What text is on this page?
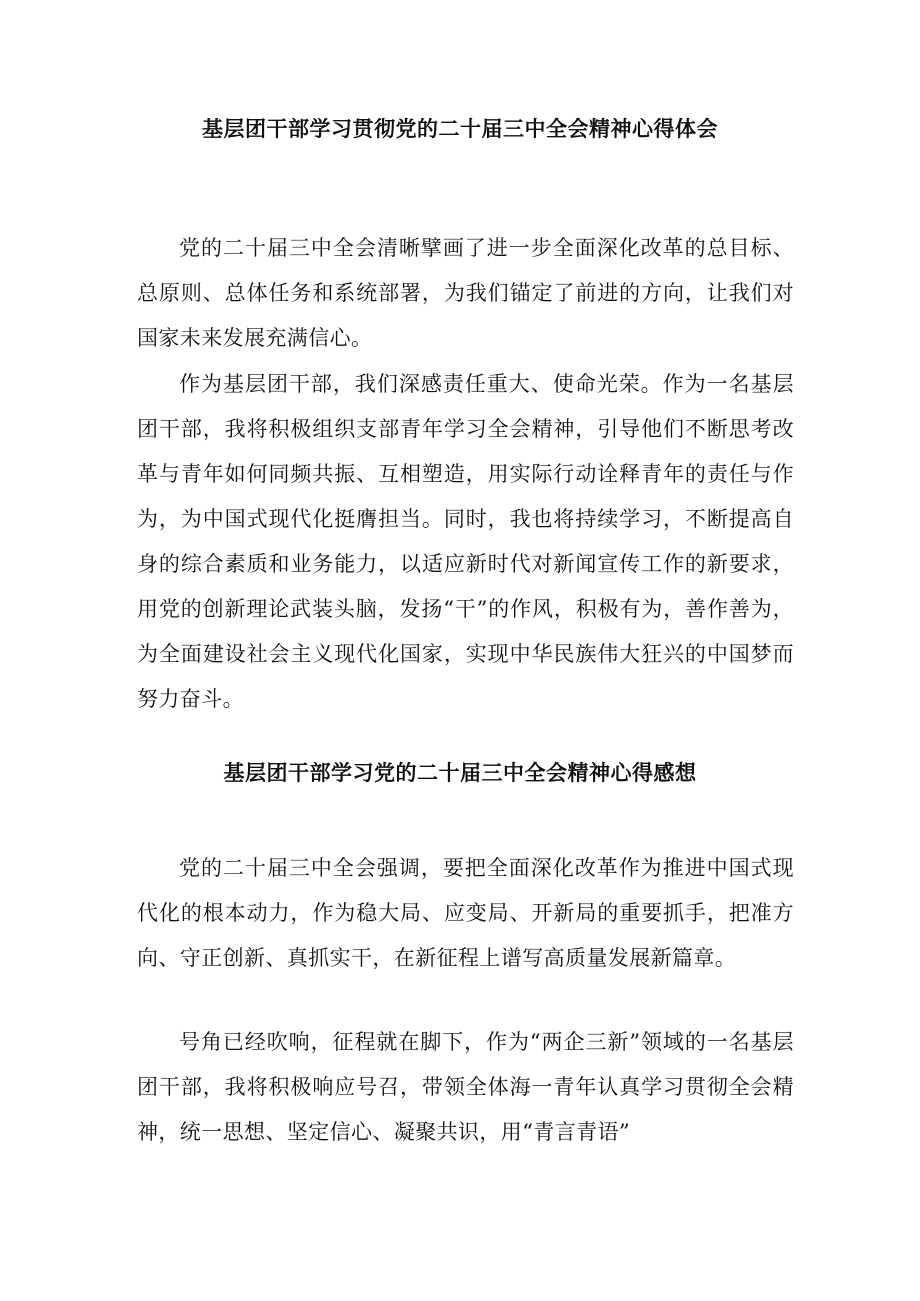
基层团干部学习贯彻党的二十届三中全会精神心得体会

党的二十届三中全会清晰擘画了进一步全面深化改革的总目标、总原则、总体任务和系统部署，为我们锚定了前进的方向，让我们对国家未来发展充满信心。

作为基层团干部，我们深感责任重大、使命光荣。作为一名基层团干部，我将积极组织支部青年学习全会精神，引导他们不断思考改革与青年如何同频共振、互相塑造，用实际行动诠释青年的责任与作为，为中国式现代化挺膺担当。同时，我也将持续学习，不断提高自身的综合素质和业务能力，以适应新时代对新闻宣传工作的新要求，用党的创新理论武装头脑，发扬“干”的作风，积极有为，善作善为，为全面建设社会主义现代化国家，实现中华民族伟大狂兴的中国梦而努力奋斗。

基层团干部学习党的二十届三中全会精神心得感想

党的二十届三中全会强调，要把全面深化改革作为推进中国式现代化的根本动力，作为稳大局、应变局、开新局的重要抓手，把准方向、守正创新、真抓实干，在新征程上谱写高质量发展新篇章。

号角已经吹响，征程就在脚下，作为“两企三新”领域的一名基层团干部，我将积极响应号召，带领全体海一青年认真学习贯彻全会精神，统一思想、坚定信心、凝聚共识，用“青言青语”
